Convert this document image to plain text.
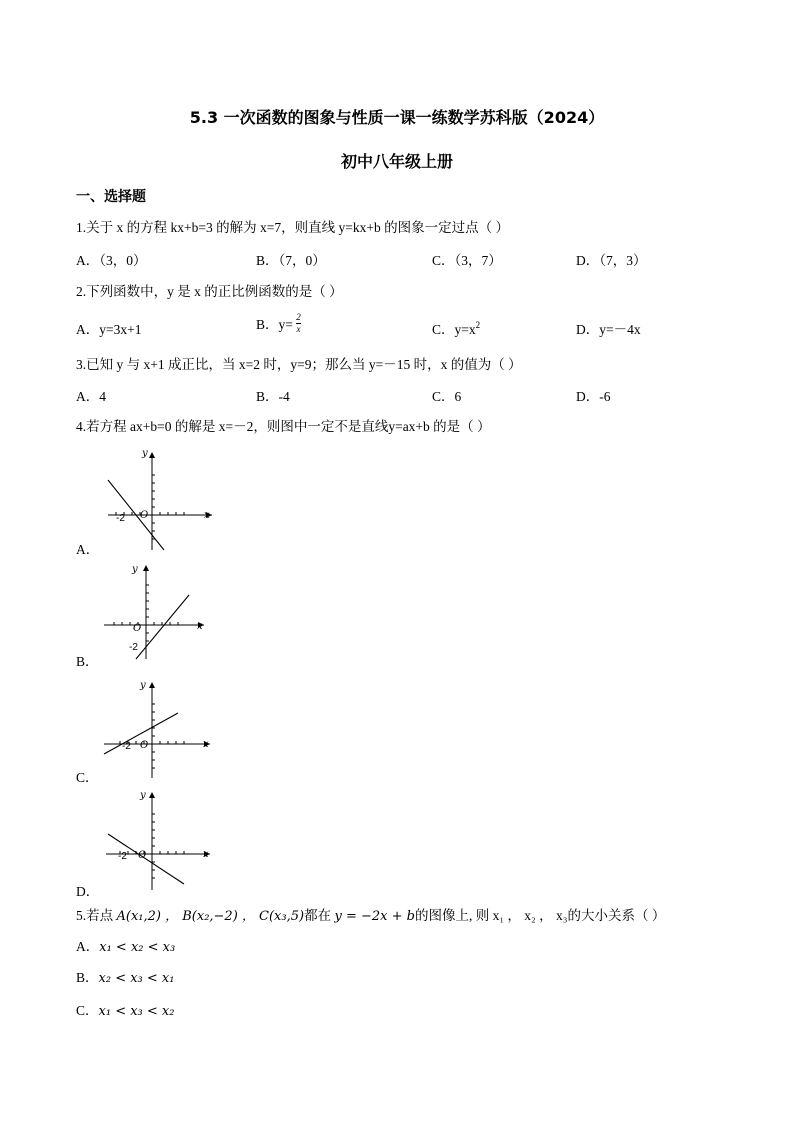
5.3 一次函数的图象与性质一课一练数学苏科版（2024）
初中八年级上册
一、选择题
1.关于 x 的方程 kx+b=3 的解为 x=7，则直线 y=kx+b 的图象一定过点（ ）
A．（3，0）	B．（7，0）	C．（3，7）	D．（7，3）
2.下列函数中，y 是 x 的正比例函数的是（ ）
A．y=3x+1	B．$y= \frac{2}{x}$	C．$y=x^2$	D．y=－4x
3.已知 y 与 x+1 成正比，当 x=2 时，y=9；那么当 y=－15 时，x 的值为（ ）
A．4	B．-4	C．6	D．-6
4.若方程 ax+b=0 的解是 x=－2，则图中一定不是直线y=ax+b 的是（ ）
y
x
O
-2
A．
y
x
O
-2
B．
y
x
O
-2
C．
y
x
O
-2
D．
5.若点 A(x₁,2) ， B(x₂,−2) ， C(x₃,5)都在 y = −2x + b的图像上, 则 x₁ ， x₂ ， x₃的大小关系（ ）
A．x₁ < x₂ < x₃
B．x₂ < x₃ < x₁
C．x₁ < x₃ < x₂
